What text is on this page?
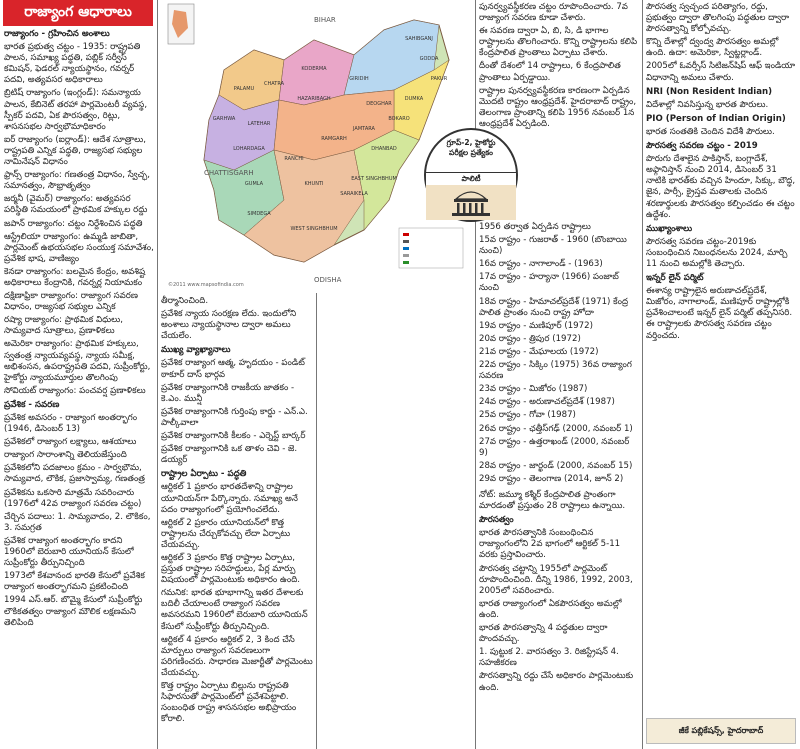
రాజ్యాంగ ఆధారాలు

రాజ్యాంగం - గ్రహించిన అంశాలు

భారత ప్రభుత్వ చట్టం - 1935: రాష్ట్రపతి పాలన, సమాఖ్య పద్ధతి, పబ్లిక్ సర్వీస్ కమిషన్, ఫెడరల్ న్యాయస్థానం, గవర్నర్ పదవి, అత్యవసర అధికారాలు

బ్రిటిష్ రాజ్యాంగం (ఇంగ్లండ్): సమన్యాయ పాలన, కేబినెట్ తరహా పార్లమెంటరీ వ్యవస్థ, స్పీకర్ పదవి, ఏక పౌరసత్వం, రిట్లు, శాసనసభల సార్వభౌమాధికారం

ఐర్ రాజ్యాంగం (ఐర్లాండ్): ఆదేశ సూత్రాలు, రాష్ట్రపతి ఎన్నిక పద్ధతి, రాజ్యసభ సభ్యుల నామినేషన్ విధానం

ఫ్రాన్స్ రాజ్యాంగం: గణతంత్ర విధానం, స్వేచ్ఛ, సమానత్వం, సౌభ్రాతృత్వం

జర్మనీ (వైమర్) రాజ్యాంగం: అత్యవసర పరిస్థితి సమయంలో ప్రాథమిక హక్కుల రద్దు

జపాన్ రాజ్యాంగం: చట్టం నిర్దేశించిన పద్ధతి

ఆస్ట్రేలియా రాజ్యాంగం: ఉమ్మడి జాబితా, పార్లమెంట్ ఉభయసభల సంయుక్త సమావేశం, ప్రవేశిక భాష, వాణిజ్యం

కెనడా రాజ్యాంగం: బలమైన కేంద్రం, అవశిష్ట అధికారాలు కేంద్రానికి, గవర్నర్ల నియామకం

దక్షిణాఫ్రికా రాజ్యాంగం: రాజ్యాంగ సవరణ విధానం, రాజ్యసభ సభ్యుల ఎన్నిక

రష్యా రాజ్యాంగం: ప్రాథమిక విధులు, సామ్యవాద సూత్రాలు, ప్రణాళికలు

అమెరికా రాజ్యాంగం: ప్రాథమిక హక్కులు, స్వతంత్ర న్యాయవ్యవస్థ, న్యాయ సమీక్ష, అభిశంసన, ఉపరాష్ట్రపతి పదవి, సుప్రీంకోర్టు, హైకోర్టు న్యాయమూర్తుల తొలగింపు

సోవియట్ రాజ్యాంగం: పంచవర్ష ప్రణాళికలు

ప్రవేశిక - సవరణ

ప్రవేశిక అవసరం - రాజ్యాంగ అంతర్భాగం (1946, డిసెంబర్ 13)

ప్రవేశికలో రాజ్యాంగ లక్ష్యాలు, ఆశయాలు

రాజ్యాంగ సారాంశాన్ని తెలియజేస్తుంది

ప్రవేశికలోని పదజాలం క్రమం - సార్వభౌమ, సామ్యవాద, లౌకిక, ప్రజాస్వామ్య, గణతంత్ర

ప్రవేశికను ఒకసారి మాత్రమే సవరించారు (1976లో 42వ రాజ్యాంగ సవరణ చట్టం)

చేర్చిన పదాలు: 1. సామ్యవాదం, 2. లౌకికం, 3. సమగ్రత

ప్రవేశిక రాజ్యాంగ అంతర్భాగం కాదని 1960లో బెరుబారి యూనియన్ కేసులో సుప్రీంకోర్టు తీర్పునిచ్చింది

1973లో కేశవానంద భారతి కేసులో ప్రవేశిక రాజ్యాంగ అంతర్భాగమని ప్రకటించింది

1994 ఎస్.ఆర్. బొమ్మై కేసులో సుప్రీంకోర్టు లౌకికతత్వం రాజ్యాంగ మౌలిక లక్షణమని తెలిపింది

BIHAR
CHATTISGARH
ODISHA
©2011 www.mapsofindia.com
SAHIBGANJ
GODDA
PAKUR
DUMKA
DEOGHAR
JAMTARA
DHANBAD
BOKARO
GIRIDIH
KODERMA
HAZARIBAGH
CHATRA
PALAMU
GARHWA
LATEHAR
LOHARDAGA
GUMLA
SIMDEGA
KHUNTI
RANCHI
RAMGARH
SARAIKELA
EAST SINGHBHUM
WEST SINGHBHUM
గ్రూప్-2, హైకోర్టు
పరీక్షల ప్రత్యేకం
పాలిటీ

తీర్మానించింది.

ప్రవేశిక న్యాయ సంరక్షణ లేదు. ఇందులోని అంశాలు న్యాయస్థానాల ద్వారా అమలు చేయలేం.

ముఖ్య వ్యాఖ్యానాలు

ప్రవేశిక రాజ్యాంగ ఆత్మ, హృదయం - పండిట్ ఠాకూర్ దాస్ భార్గవ

ప్రవేశిక రాజ్యాంగానికి రాజకీయ జాతకం - కె.ఎం. మున్షీ

ప్రవేశిక రాజ్యాంగానికి గుర్తింపు కార్డు - ఎన్.ఎ. పాల్కీవాలా

ప్రవేశిక రాజ్యాంగానికి కీలకం - ఎర్నెస్ట్ బార్కర్

ప్రవేశిక రాజ్యాంగానికి ఒక తాళం చెవి - జె. డయ్యర్

రాష్ట్రాల ఏర్పాటు - పద్ధతి

ఆర్టికల్ 1 ప్రకారం భారతదేశాన్ని రాష్ట్రాల యూనియన్‌గా పేర్కొన్నారు. సమాఖ్య అనే పదం రాజ్యాంగంలో ప్రయోగించలేదు.

ఆర్టికల్ 2 ప్రకారం యూనియన్‌లో కొత్త రాష్ట్రాలను చేర్చుకోవచ్చు లేదా ఏర్పాటు చేయవచ్చు.

ఆర్టికల్ 3 ప్రకారం కొత్త రాష్ట్రాల ఏర్పాటు, ప్రస్తుత రాష్ట్రాల సరిహద్దులు, పేర్ల మార్పు విషయంలో పార్లమెంటుకు అధికారం ఉంది.

గమనిక: భారత భూభాగాన్ని ఇతర దేశాలకు బదిలీ చేయాలంటే రాజ్యాంగ సవరణ అవసరమని 1960లో బెరుబారి యూనియన్ కేసులో సుప్రీంకోర్టు తీర్పునిచ్చింది.

ఆర్టికల్ 4 ప్రకారం ఆర్టికల్ 2, 3 కింద చేసే మార్పులు రాజ్యాంగ సవరణలుగా పరిగణించరు. సాధారణ మెజార్టీతో పార్లమెంటు చేయవచ్చు.

కొత్త రాష్ట్రం ఏర్పాటు బిల్లును రాష్ట్రపతి సిఫారసుతో పార్లమెంట్‌లో ప్రవేశపెట్టాలి. సంబంధిత రాష్ట్ర శాసనసభల అభిప్రాయం కోరాలి.

పునర్వ్యవస్థీకరణ చట్టం రూపొందించారు. 7వ రాజ్యాంగ సవరణ కూడా చేశారు.

ఈ సవరణ ద్వారా ఏ, బి, సి, డి భాగాల రాష్ట్రాలను తొలగించారు. కొన్ని రాష్ట్రాలను కలిపి కేంద్రపాలిత ప్రాంతాలు ఏర్పాటు చేశారు.

దీంతో దేశంలో 14 రాష్ట్రాలు, 6 కేంద్రపాలిత ప్రాంతాలు ఏర్పడ్డాయి.

రాష్ట్రాల పునర్వ్యవస్థీకరణ కారణంగా ఏర్పడిన మొదటి రాష్ట్రం ఆంధ్రప్రదేశ్. హైదరాబాద్ రాష్ట్రం, తెలంగాణ ప్రాంతాన్ని కలిపి 1956 నవంబర్ 1న ఆంధ్రప్రదేశ్ ఏర్పడింది.

1956 తర్వాత ఏర్పడిన రాష్ట్రాలు

15వ రాష్ట్రం - గుజరాత్ - 1960 (బొంబాయి నుంచి)

16వ రాష్ట్రం - నాగాలాండ్ - (1963)

17వ రాష్ట్రం - హర్యానా (1966) పంజాబ్ నుంచి

18వ రాష్ట్రం - హిమాచల్‌ప్రదేశ్ (1971) కేంద్ర పాలిత ప్రాంతం నుంచి రాష్ట్ర హోదా

19వ రాష్ట్రం - మణిపూర్ (1972)

20వ రాష్ట్రం - త్రిపుర (1972)

21వ రాష్ట్రం - మేఘాలయ (1972)

22వ రాష్ట్రం - సిక్కిం (1975) 36వ రాజ్యాంగ సవరణ

23వ రాష్ట్రం - మిజోరం (1987)

24వ రాష్ట్రం - అరుణాచల్‌ప్రదేశ్ (1987)

25వ రాష్ట్రం - గోవా (1987)

26వ రాష్ట్రం - ఛత్తీస్‌గఢ్ (2000, నవంబర్ 1)

27వ రాష్ట్రం - ఉత్తరాఖండ్ (2000, నవంబర్ 9)

28వ రాష్ట్రం - జార్ఖండ్ (2000, నవంబర్ 15)

29వ రాష్ట్రం - తెలంగాణ (2014, జూన్ 2)

నోట్: జమ్మూ కశ్మీర్ కేంద్రపాలిత ప్రాంతంగా మారడంతో ప్రస్తుతం 28 రాష్ట్రాలు ఉన్నాయి.

పౌరసత్వం

భారత పౌరసత్వానికి సంబంధించిన రాజ్యాంగంలోని 2వ భాగంలో ఆర్టికల్ 5-11 వరకు ప్రస్తావించారు.

పౌరసత్వ చట్టాన్ని 1955లో పార్లమెంట్ రూపొందించింది. దీన్ని 1986, 1992, 2003, 2005లో సవరించారు.

భారత రాజ్యాంగంలో ఏకపౌరసత్వం అమల్లో ఉంది.

భారత పౌరసత్వాన్ని 4 పద్ధతుల ద్వారా పొందవచ్చు.

1. పుట్టుక 2. వారసత్వం 3. రిజిస్ట్రేషన్ 4. సహజీకరణ

పౌరసత్వాన్ని రద్దు చేసే అధికారం పార్లమెంటుకు ఉంది.

పౌరసత్వ స్వచ్ఛంద పరిత్యాగం, రద్దు, ప్రభుత్వం ద్వారా తొలగింపు పద్ధతుల ద్వారా పౌరసత్వాన్ని కోల్పోవచ్చు.

కొన్ని దేశాల్లో ద్వంద్వ పౌరసత్వం అమల్లో ఉంది. ఉదా: అమెరికా, స్విట్జర్లాండ్.

2005లో ఓవర్సీస్ సిటిజన్‌షిప్ ఆఫ్ ఇండియా విధానాన్ని అమలు చేశారు.

NRI (Non Resident Indian)

విదేశాల్లో నివసిస్తున్న భారత పౌరులు.

PIO (Person of Indian Origin)

భారత సంతతికి చెందిన విదేశీ పౌరులు.

పౌరసత్వ సవరణ చట్టం - 2019

పొరుగు దేశాలైన పాకిస్తాన్, బంగ్లాదేశ్, అఫ్గానిస్తాన్ నుంచి 2014, డిసెంబర్ 31 నాటికి భారత్‌కు వచ్చిన హిందూ, సిక్కు, బౌద్ధ, జైన, పార్సీ, క్రైస్తవ మతాలకు చెందిన శరణార్థులకు పౌరసత్వం కల్పించడం ఈ చట్టం ఉద్దేశం.

ముఖ్యాంశాలు

పౌరసత్వ సవరణ చట్టం-2019కు సంబంధించిన నిబంధనలను 2024, మార్చి 11 నుంచి అమల్లోకి తెచ్చారు.

ఇన్నర్ లైన్ పర్మిట్

ఈశాన్య రాష్ట్రాలైన అరుణాచల్‌ప్రదేశ్, మిజోరం, నాగాలాండ్, మణిపూర్ రాష్ట్రాల్లోకి ప్రవేశించాలంటే ఇన్నర్ లైన్ పర్మిట్ తప్పనిసరి. ఈ రాష్ట్రాలకు పౌరసత్వ సవరణ చట్టం వర్తించదు.

జీకే పబ్లికేషన్స్, హైదరాబాద్
